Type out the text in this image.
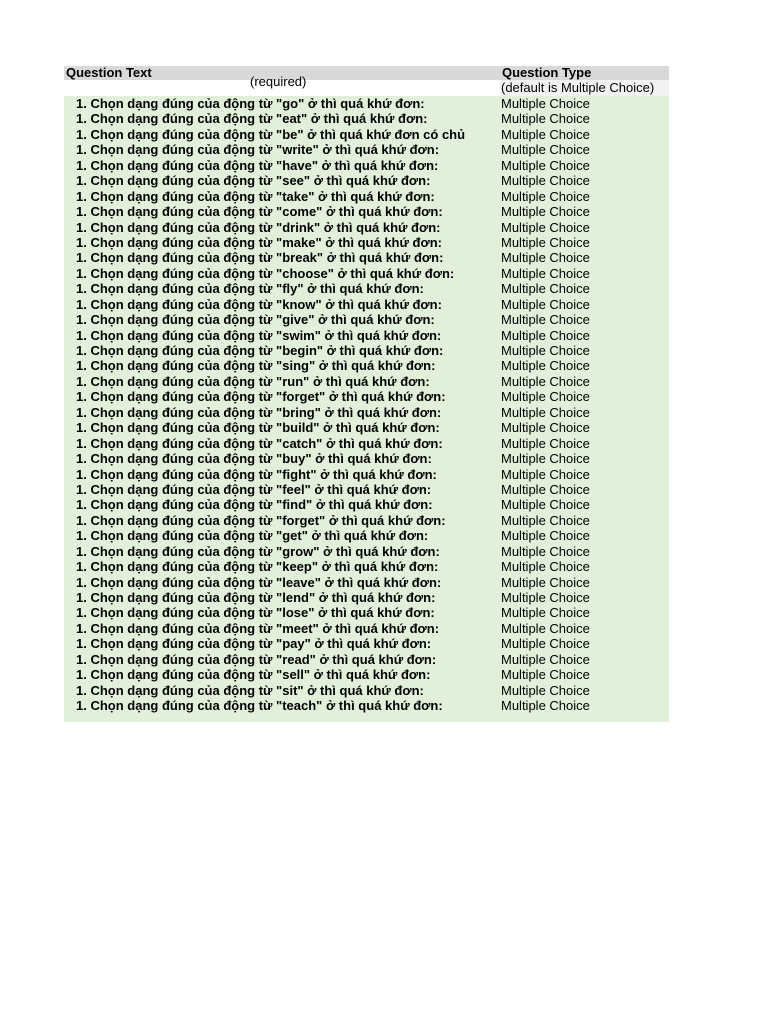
Question Text	Question Type
(required)	(default is Multiple Choice)
1. Chọn dạng đúng của động từ "go" ở thì quá khứ đơn:	Multiple Choice
1. Chọn dạng đúng của động từ "eat" ở thì quá khứ đơn:	Multiple Choice
1. Chọn dạng đúng của động từ "be" ở thì quá khứ đơn có chủ	Multiple Choice
1. Chọn dạng đúng của động từ "write" ở thì quá khứ đơn:	Multiple Choice
1. Chọn dạng đúng của động từ "have" ở thì quá khứ đơn:	Multiple Choice
1. Chọn dạng đúng của động từ "see" ở thì quá khứ đơn:	Multiple Choice
1. Chọn dạng đúng của động từ "take" ở thì quá khứ đơn:	Multiple Choice
1. Chọn dạng đúng của động từ "come" ở thì quá khứ đơn:	Multiple Choice
1. Chọn dạng đúng của động từ "drink" ở thì quá khứ đơn:	Multiple Choice
1. Chọn dạng đúng của động từ "make" ở thì quá khứ đơn:	Multiple Choice
1. Chọn dạng đúng của động từ "break" ở thì quá khứ đơn:	Multiple Choice
1. Chọn dạng đúng của động từ "choose" ở thì quá khứ đơn:	Multiple Choice
1. Chọn dạng đúng của động từ "fly" ở thì quá khứ đơn:	Multiple Choice
1. Chọn dạng đúng của động từ "know" ở thì quá khứ đơn:	Multiple Choice
1. Chọn dạng đúng của động từ "give" ở thì quá khứ đơn:	Multiple Choice
1. Chọn dạng đúng của động từ "swim" ở thì quá khứ đơn:	Multiple Choice
1. Chọn dạng đúng của động từ "begin" ở thì quá khứ đơn:	Multiple Choice
1. Chọn dạng đúng của động từ "sing" ở thì quá khứ đơn:	Multiple Choice
1. Chọn dạng đúng của động từ "run" ở thì quá khứ đơn:	Multiple Choice
1. Chọn dạng đúng của động từ "forget" ở thì quá khứ đơn:	Multiple Choice
1. Chọn dạng đúng của động từ "bring" ở thì quá khứ đơn:	Multiple Choice
1. Chọn dạng đúng của động từ "build" ở thì quá khứ đơn:	Multiple Choice
1. Chọn dạng đúng của động từ "catch" ở thì quá khứ đơn:	Multiple Choice
1. Chọn dạng đúng của động từ "buy" ở thì quá khứ đơn:	Multiple Choice
1. Chọn dạng đúng của động từ "fight" ở thì quá khứ đơn:	Multiple Choice
1. Chọn dạng đúng của động từ "feel" ở thì quá khứ đơn:	Multiple Choice
1. Chọn dạng đúng của động từ "find" ở thì quá khứ đơn:	Multiple Choice
1. Chọn dạng đúng của động từ "forget" ở thì quá khứ đơn:	Multiple Choice
1. Chọn dạng đúng của động từ "get" ở thì quá khứ đơn:	Multiple Choice
1. Chọn dạng đúng của động từ "grow" ở thì quá khứ đơn:	Multiple Choice
1. Chọn dạng đúng của động từ "keep" ở thì quá khứ đơn:	Multiple Choice
1. Chọn dạng đúng của động từ "leave" ở thì quá khứ đơn:	Multiple Choice
1. Chọn dạng đúng của động từ "lend" ở thì quá khứ đơn:	Multiple Choice
1. Chọn dạng đúng của động từ "lose" ở thì quá khứ đơn:	Multiple Choice
1. Chọn dạng đúng của động từ "meet" ở thì quá khứ đơn:	Multiple Choice
1. Chọn dạng đúng của động từ "pay" ở thì quá khứ đơn:	Multiple Choice
1. Chọn dạng đúng của động từ "read" ở thì quá khứ đơn:	Multiple Choice
1. Chọn dạng đúng của động từ "sell" ở thì quá khứ đơn:	Multiple Choice
1. Chọn dạng đúng của động từ "sit" ở thì quá khứ đơn:	Multiple Choice
1. Chọn dạng đúng của động từ "teach" ở thì quá khứ đơn:	Multiple Choice
